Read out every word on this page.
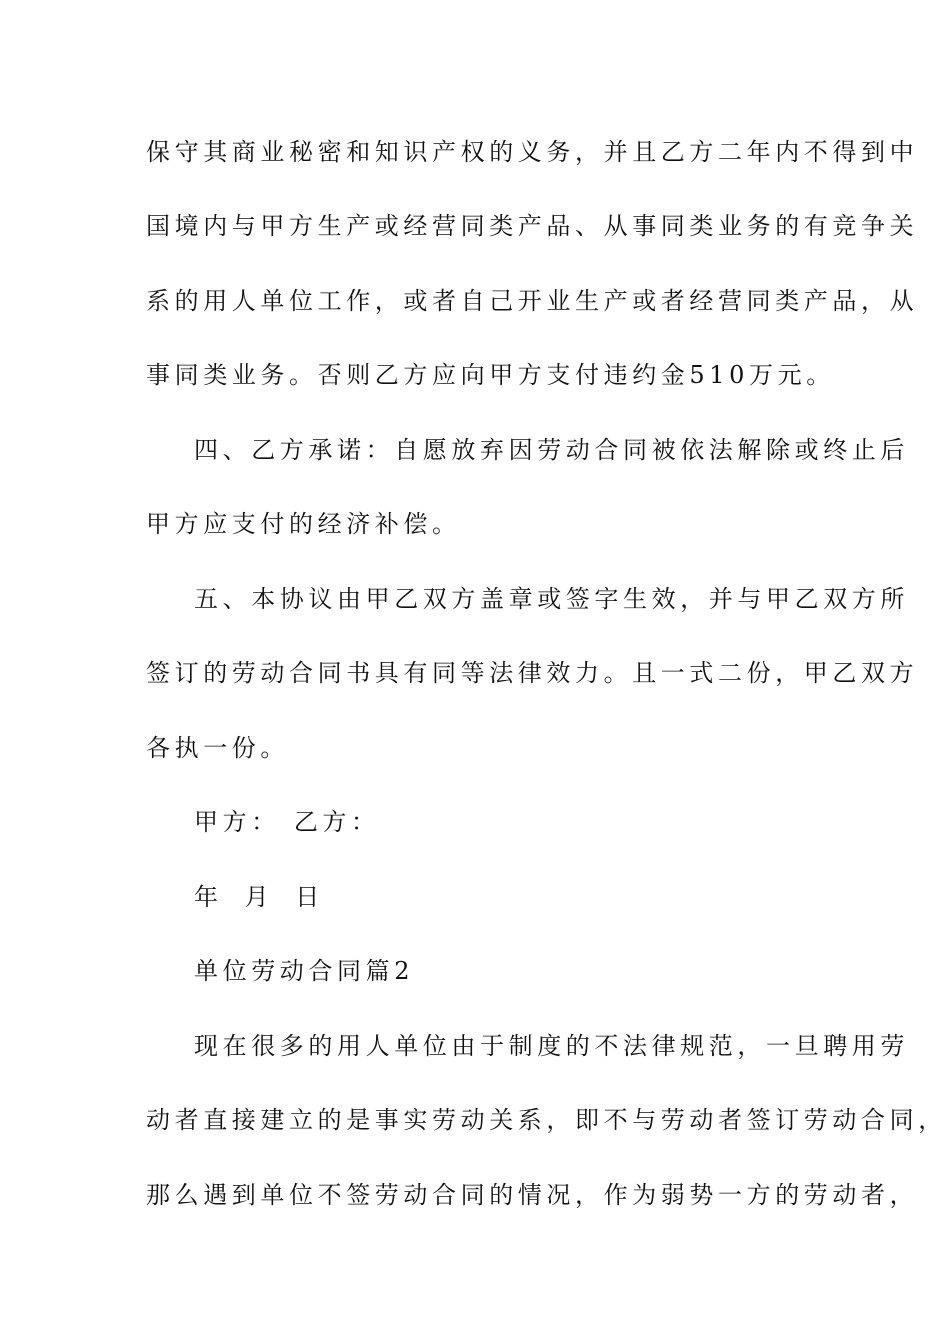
保守其商业秘密和知识产权的义务，并且乙方二年内不得到中
国境内与甲方生产或经营同类产品、从事同类业务的有竞争关
系的用人单位工作，或者自己开业生产或者经营同类产品，从
事同类业务。否则乙方应向甲方支付违约金510万元。
四、乙方承诺：自愿放弃因劳动合同被依法解除或终止后
甲方应支付的经济补偿。
五、本协议由甲乙双方盖章或签字生效，并与甲乙双方所
签订的劳动合同书具有同等法律效力。且一式二份，甲乙双方
各执一份。
甲方： 乙方：
年 月 日
单位劳动合同篇2
现在很多的用人单位由于制度的不法律规范，一旦聘用劳
动者直接建立的是事实劳动关系，即不与劳动者签订劳动合同，
那么遇到单位不签劳动合同的情况，作为弱势一方的劳动者，
